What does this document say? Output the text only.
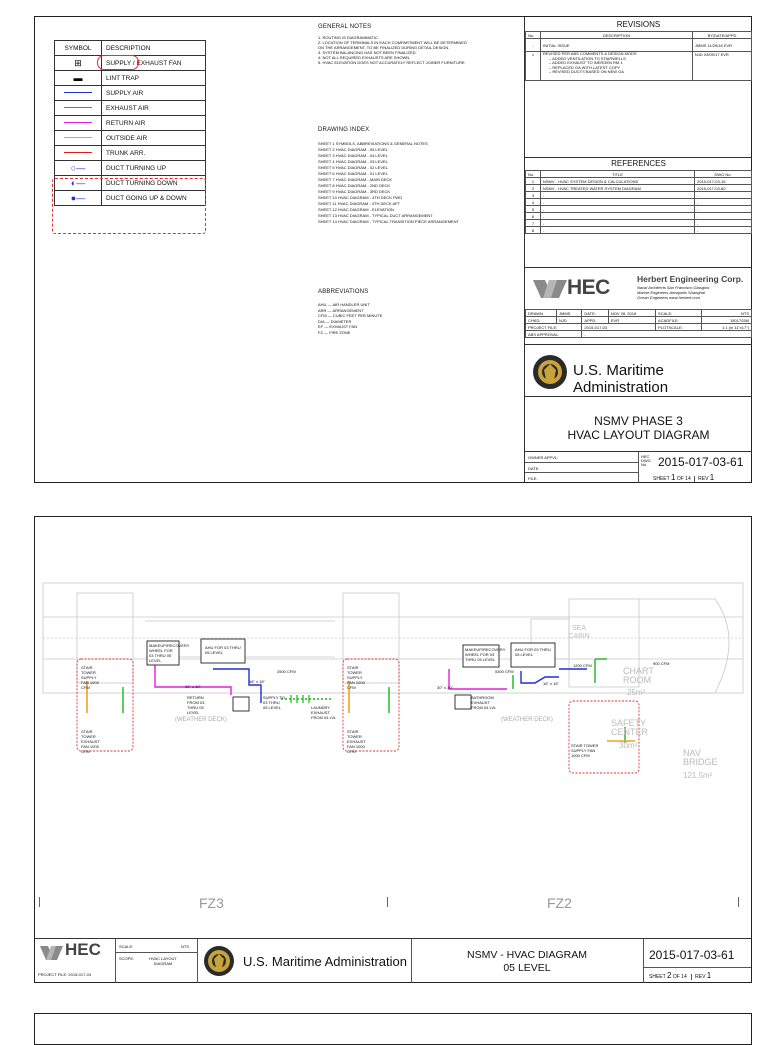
SYMBOL	DESCRIPTION
⊞	SUPPLY / EXHAUST FAN
▬	LINT TRAP
	SUPPLY AIR
	EXHAUST AIR
	RETURN AIR
	OUTSIDE AIR
	TRUNK ARR.
○—	DUCT TURNING UP
◐—	DUCT TURNING DOWN
●—	DUCT GOING UP & DOWN
GENERAL NOTES
1. ROUTING IS DIAGRAMMATIC.
2. LOCATION OF TERMINALS IN EACH COMPARTMENT WILL BE DETERMINED
ON THE ARRANGEMENT, TO BE FINALIZED DURING DETAIL DESIGN.
3. SYSTEM BALANCING HAS NOT BEEN FINALIZED.
4. NOT ALL REQUIRED EXHAUSTS ARE SHOWN.
5. HVAC ELEVATION DOES NOT ACCURATELY REFLECT JOINER FURNITURE.
DRAWING INDEX
SHEET 1 SYMBOLS, ABBREVIATIONS & GENERAL NOTES
SHEET 2 HVAC DIAGRAM - 05 LEVEL
SHEET 3 HVAC DIAGRAM - 04 LEVEL
SHEET 4 HVAC DIAGRAM - 03 LEVEL
SHEET 5 HVAC DIAGRAM - 02 LEVEL
SHEET 6 HVAC DIAGRAM - 01 LEVEL
SHEET 7 HVAC DIAGRAM - MAIN DECK
SHEET 8 HVAC DIAGRAM - 2ND DECK
SHEET 9 HVAC DIAGRAM - 3RD DECK
SHEET 10 HVAC DIAGRAM - 4TH DECK FWD
SHEET 11 HVAC DIAGRAM - 4TH DECK AFT
SHEET 12 HVAC DIAGRAM - ELEVATION
SHEET 13 HVAC DIAGRAM - TYPICAL DUCT ARRANGEMENT
SHEET 14 HVAC DIAGRAM - TYPICAL TRANSITION PIECE ARRANGEMENT
ABBREVIATIONS
AHU — AIR HANDLER UNIT
ARR — ARRANGEMENT
CFM — CUBIC FEET PER MINUTE
DIA — DIAMETER
EF — EXHAUST FAN
FZ — FIRE ZONE
REVISIONS
No.	DESCRIPTION	BY/DATE/APPD
-	INITIAL ISSUE	JMMS 11/29/16 EVR
1	REVISED PER ABS COMMENTS & DESIGN MODS
– ADDED VENTILATION TO STAIRWELLS
– ADDED EXHAUST TO INERGEN RM 1
– REPLACED GA WITH LATEST COPY
– REVISED DUCTS BASED ON NEW GA	NJD 03/09/17 EVR
REFERENCES
No.	TITLE	DWG No.
1	NSMV - HVAC SYSTEM DESIGN & CALCULATIONS	2015-017-03-15
2	NSMV - HVAC TREATED WATER SYSTEM DIAGRAM	2015-017-03-60
3	-	-
4	-	-
5	-	-
6	-	-
7	-	-
8	-	-
HEC	Herbert Engineering Corp.
Naval Architects San Francisco Glasgow
Marine Engineers Annapolis Shanghai
Ocean Engineers www.herbert.com
DRAWN	JMMS	DATE:	NOV 28, 2016	SCALE:	NTS
CHKD:	NJD	APPD:	EVR	ACADFILE:	15017036I
PROJECT FILE:		2015-017-03		PLOTSCALE:	1:1 (in 11"x17")
ABS APPROVAL:		-			
U.S. Maritime Administration
NSMV PHASE 3
HVAC LAYOUT DIAGRAM
OWNER APPVL:
DATE:
FILE:
HEC DWG No. 2015-017-03-61
SHEET 1 OF 14 REV 1
(WEATHER DECK)	(WEATHER DECK)
SEA CABIN
CHART ROOM
25m²
SAFETY CENTER
30m²
NAV BRIDGE
121.5m²
30" x 30"
16" x 16"
30" x 30"
16" x 16"
AHU FOR 03 THRU 05 LEVEL
AHU FOR 03 THRU 05 LEVEL
MAKEUP/RECOVERY WHEEL FOR 03 THRU 05 LEVEL
MAKEUP/RECOVERY WHEEL FOR 03 THRU 05 LEVEL
STAIR TOWER SUPPLY FAN 1000 CFM
STAIR TOWER EXHAUST FAN 1000 CFM
STAIR TOWER SUPPLY FAN 1000 CFM
STAIR TOWER EXHAUST FAN 1000 CFM
STAIR TOWER SUPPLY FAN 1000 CFM
SUPPLY TO 03 THRU 05 LEVEL
RETURN FROM 03 THRU 05 LEVEL
LAUNDRY EXHAUST FROM 04 LVL
BATHROOM EXHAUST FROM 04 LVL
2500 CFM
1200 CFM	900 CFM
5300 CFM
FZ3	FZ2
HEC
PROJECT FILE: 2015-017-03
SCALE:	NTS
SCOPE:	HVAC LAYOUT DIAGRAM	U.S. Maritime Administration	NSMV - HVAC DIAGRAM
05 LEVEL
2015-017-03-61
SHEET 2 OF 14 REV 1
